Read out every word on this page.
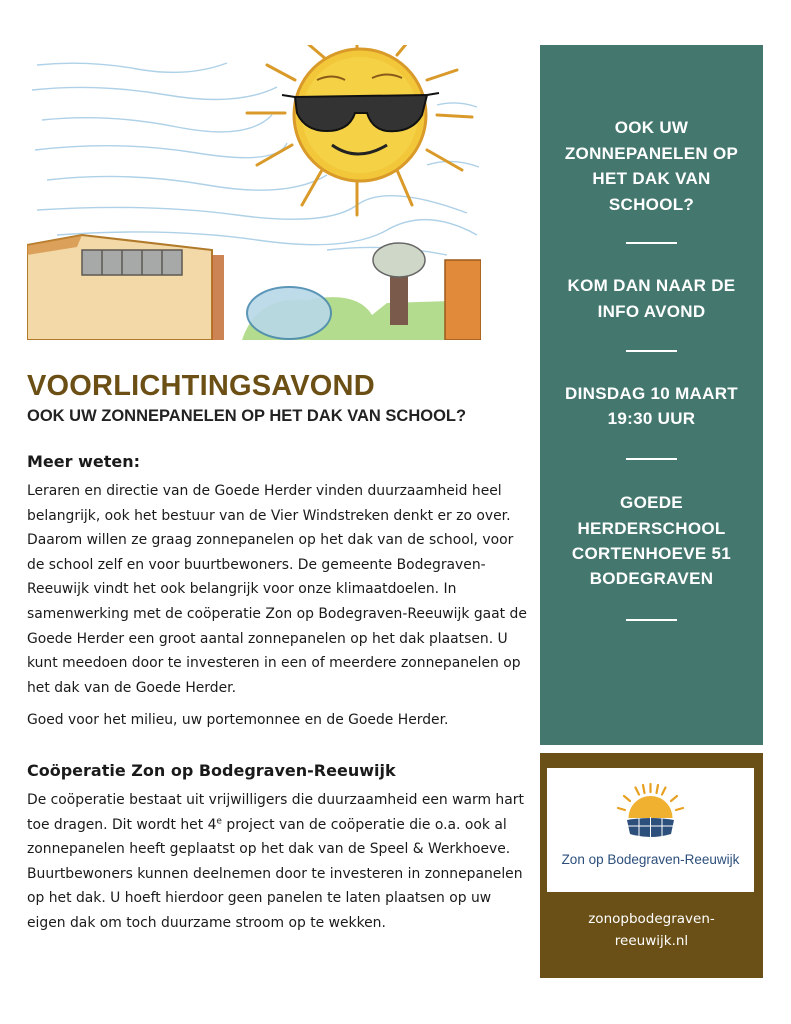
VOORLICHTINGSAVOND
OOK UW ZONNEPANELEN OP HET DAK VAN SCHOOL?
Meer weten:

Leraren en directie van de Goede Herder vinden duurzaamheid heel belangrijk, ook het bestuur van de Vier Windstreken denkt er zo over. Daarom willen ze graag zonnepanelen op het dak van de school, voor de school zelf en voor buurtbewoners. De gemeente Bodegraven-Reeuwijk vindt het ook belangrijk voor onze klimaatdoelen. In samenwerking met de coöperatie Zon op Bodegraven-Reeuwijk gaat de Goede Herder een groot aantal zonnepanelen op het dak plaatsen. U kunt meedoen door te investeren in een of meerdere zonnepanelen op het dak van de Goede Herder.

Goed voor het milieu, uw portemonnee en de Goede Herder.

Coöperatie Zon op Bodegraven-Reeuwijk

De coöperatie bestaat uit vrijwilligers die duurzaamheid een warm hart toe dragen. Dit wordt het 4e project van de coöperatie die o.a. ook al zonnepanelen heeft geplaatst op het dak van de Speel & Werkhoeve. Buurtbewoners kunnen deelnemen door te investeren in zonnepanelen op het dak. U hoeft hierdoor geen panelen te laten plaatsen op uw eigen dak om toch duurzame stroom op te wekken.

OOK UW ZONNEPANELEN OP HET DAK VAN SCHOOL?
KOM DAN NAAR DE INFO AVOND
DINSDAG 10 MAART
19:30 UUR
GOEDE HERDERSCHOOL
CORTENHOEVE 51
BODEGRAVEN
Zon op Bodegraven-Reeuwijk
zonopbodegraven-
reeuwijk.nl
